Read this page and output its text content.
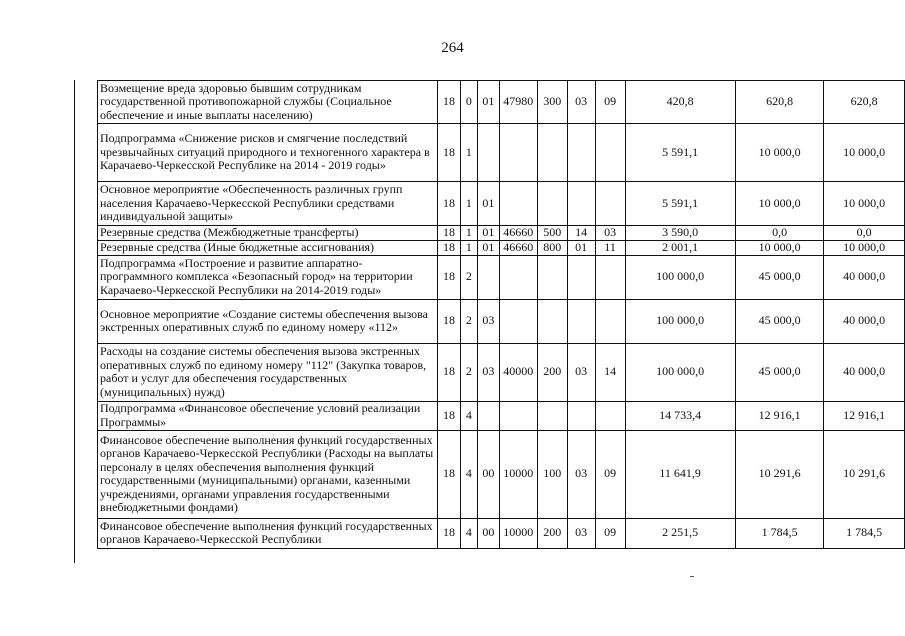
264
Возмещение вреда здоровью бывшим сотрудникам государственной противопожарной службы (Социальное обеспечение и иные выплаты населению)	18	0	01	47980	300	03	09	420,8	620,8	620,8
Подпрограмма «Снижение рисков и смягчение последствий чрезвычайных ситуаций природного и техногенного характера в Карачаево-Черкесской Республике на 2014 - 2019 годы»	18	1						5 591,1	10 000,0	10 000,0
Основное мероприятие «Обеспеченность различных групп населения Карачаево-Черкесской Республики средствами индивидуальной защиты»	18	1	01					5 591,1	10 000,0	10 000,0
Резервные средства (Межбюджетные трансферты)	18	1	01	46660	500	14	03	3 590,0	0,0	0,0
Резервные средства (Иные бюджетные ассигнования)	18	1	01	46660	800	01	11	2 001,1	10 000,0	10 000,0
Подпрограмма «Построение и развитие аппаратно-программного комплекса «Безопасный город» на территории Карачаево-Черкесской Республики на 2014-2019 годы»	18	2						100 000,0	45 000,0	40 000,0
Основное мероприятие «Создание системы обеспечения вызова экстренных оперативных служб по единому номеру «112»	18	2	03					100 000,0	45 000,0	40 000,0
Расходы на создание системы обеспечения вызова экстренных оперативных служб по единому номеру "112" (Закупка товаров, работ и услуг для обеспечения государственных (муниципальных) нужд)	18	2	03	40000	200	03	14	100 000,0	45 000,0	40 000,0
Подпрограмма «Финансовое обеспечение условий реализации Программы»	18	4						14 733,4	12 916,1	12 916,1
Финансовое обеспечение выполнения функций государственных органов Карачаево-Черкесской Республики (Расходы на выплаты персоналу в целях обеспечения выполнения функций государственными (муниципальными) органами, казенными учреждениями, органами управления государственными внебюджетными фондами)	18	4	00	10000	100	03	09	11 641,9	10 291,6	10 291,6
Финансовое обеспечение выполнения функций государственных органов Карачаево-Черкесской Республики	18	4	00	10000	200	03	09	2 251,5	1 784,5	1 784,5
